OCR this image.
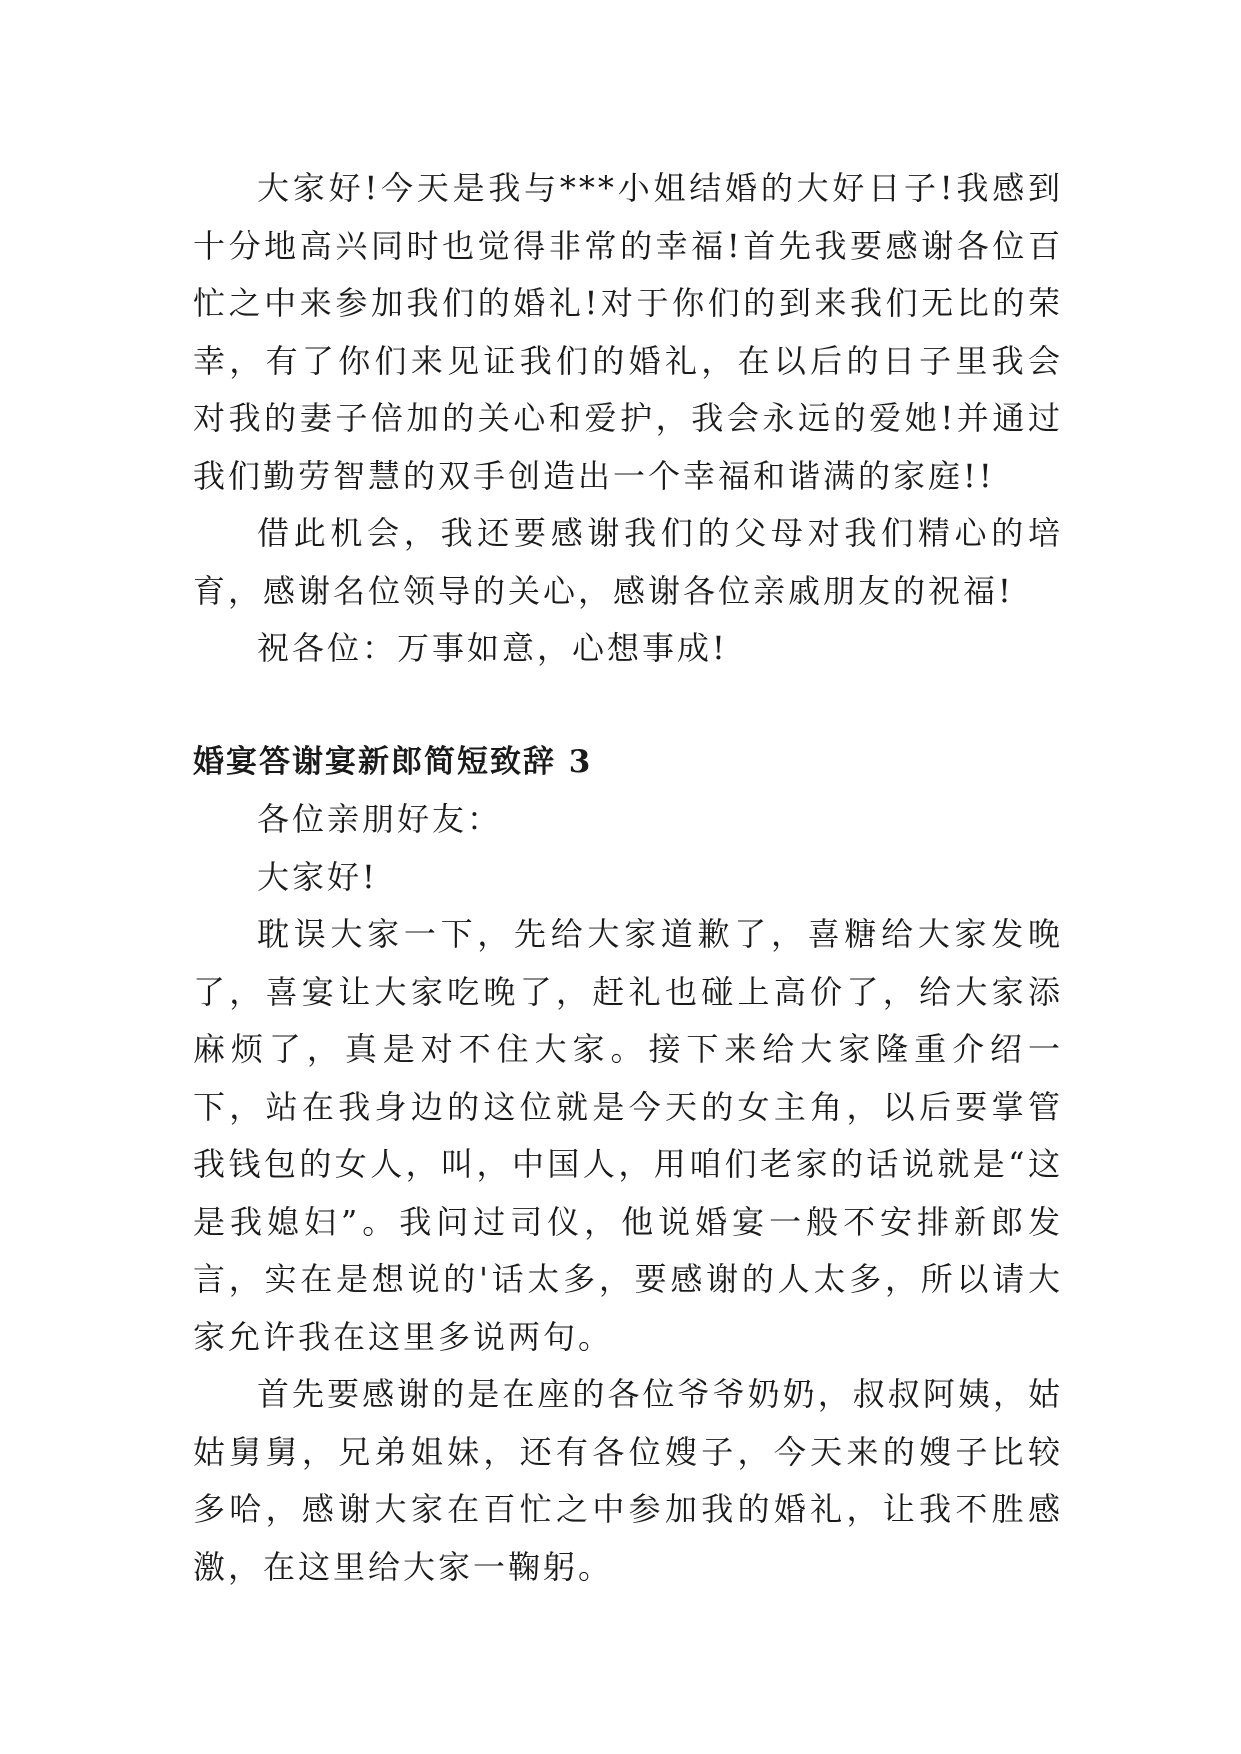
大家好!今天是我与***小姐结婚的大好日子!我感到十分地高兴同时也觉得非常的幸福!首先我要感谢各位百忙之中来参加我们的婚礼!对于你们的到来我们无比的荣幸，有了你们来见证我们的婚礼，在以后的日子里我会对我的妻子倍加的关心和爱护，我会永远的爱她!并通过我们勤劳智慧的双手创造出一个幸福和谐满的家庭!!

借此机会，我还要感谢我们的父母对我们精心的培育，感谢名位领导的关心，感谢各位亲戚朋友的祝福!

祝各位：万事如意，心想事成!

婚宴答谢宴新郎简短致辞 3

各位亲朋好友：

大家好!

耽误大家一下，先给大家道歉了，喜糖给大家发晚了，喜宴让大家吃晚了，赶礼也碰上高价了，给大家添麻烦了，真是对不住大家。接下来给大家隆重介绍一下，站在我身边的这位就是今天的女主角，以后要掌管我钱包的女人，叫，中国人，用咱们老家的话说就是“这是我媳妇”。我问过司仪，他说婚宴一般不安排新郎发言，实在是想说的'话太多，要感谢的人太多，所以请大家允许我在这里多说两句。

首先要感谢的是在座的各位爷爷奶奶，叔叔阿姨，姑姑舅舅，兄弟姐妹，还有各位嫂子，今天来的嫂子比较多哈，感谢大家在百忙之中参加我的婚礼，让我不胜感激，在这里给大家一鞠躬。
